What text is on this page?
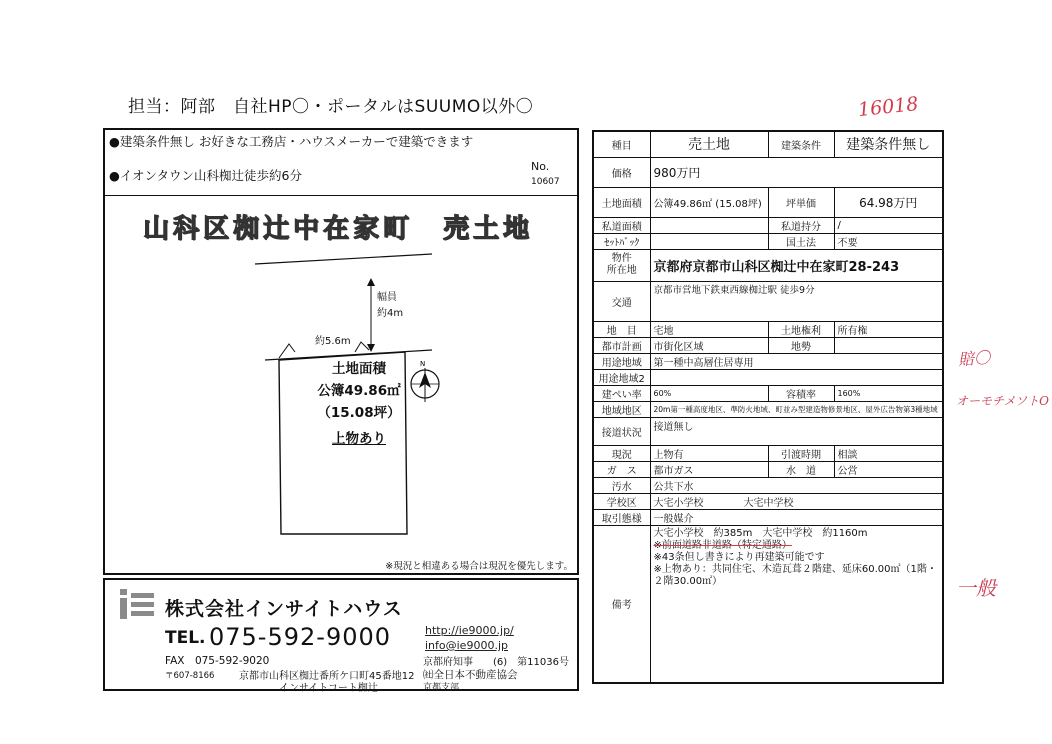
担当：阿部　自社HP〇・ポータルはSUUMO以外〇	16018
賠〇
オーモチメソトO
一般
●建築条件無し お好きな工務店・ハウスメーカーで建築できます
●イオンタウン山科椥辻徒歩約6分
No.
10607
山科区椥辻中在家町　売土地
N
幅員
約4m
約5.6m
土地面積
公簿49.86㎡
（15.08坪）
上物あり
※現況と相違ある場合は現況を優先します。
株式会社インサイトハウス
TEL. 075-592-9000	http://ie9000.jp/
info@ie9000.jp
FAX　075-592-9020	京都府知事　　(6)　第11036号
〒607-8166 京都市山科区椥辻番所ケ口町45番地12
インサイトコート椥辻
㈳全日本不動産協会
京都支部
種目	売土地	建築条件	建築条件無し
価格	980万円		
土地面積	公簿49.86㎡ (15.08坪)	坪単価	64.98万円
私道面積		私道持分	/
ｾｯﾄﾊﾞｯｸ		国土法	不要
物件
所在地	京都府京都市山科区椥辻中在家町28-243		
交通	京都市営地下鉄東西線椥辻駅 徒歩9分		
地　目	宅地	土地権利	所有権
都市計画	市街化区域	地勢	
用途地域	第一種中高層住居専用		
用途地域2			
建ぺい率	60%	容積率	160%
地域地区	20m第一種高度地区、準防火地域、町並み型建造物修景地区、屋外広告物第3種地域		
接道状況	接道無し		
現況	上物有	引渡時期	相談
ガ　ス	都市ガス	水　道	公営
汚水	公共下水		
学校区	大宅小学校 大宅中学校		
取引態様	一般媒介		
備考	大宅小学校　約385m　大宅中学校　約1160m
※前面道路非道路（特定通路）
※43条但し書きにより再建築可能です
※上物あり：共同住宅、木造瓦葺２階建、延床60.00㎡（1階・
２階30.00㎡）		
